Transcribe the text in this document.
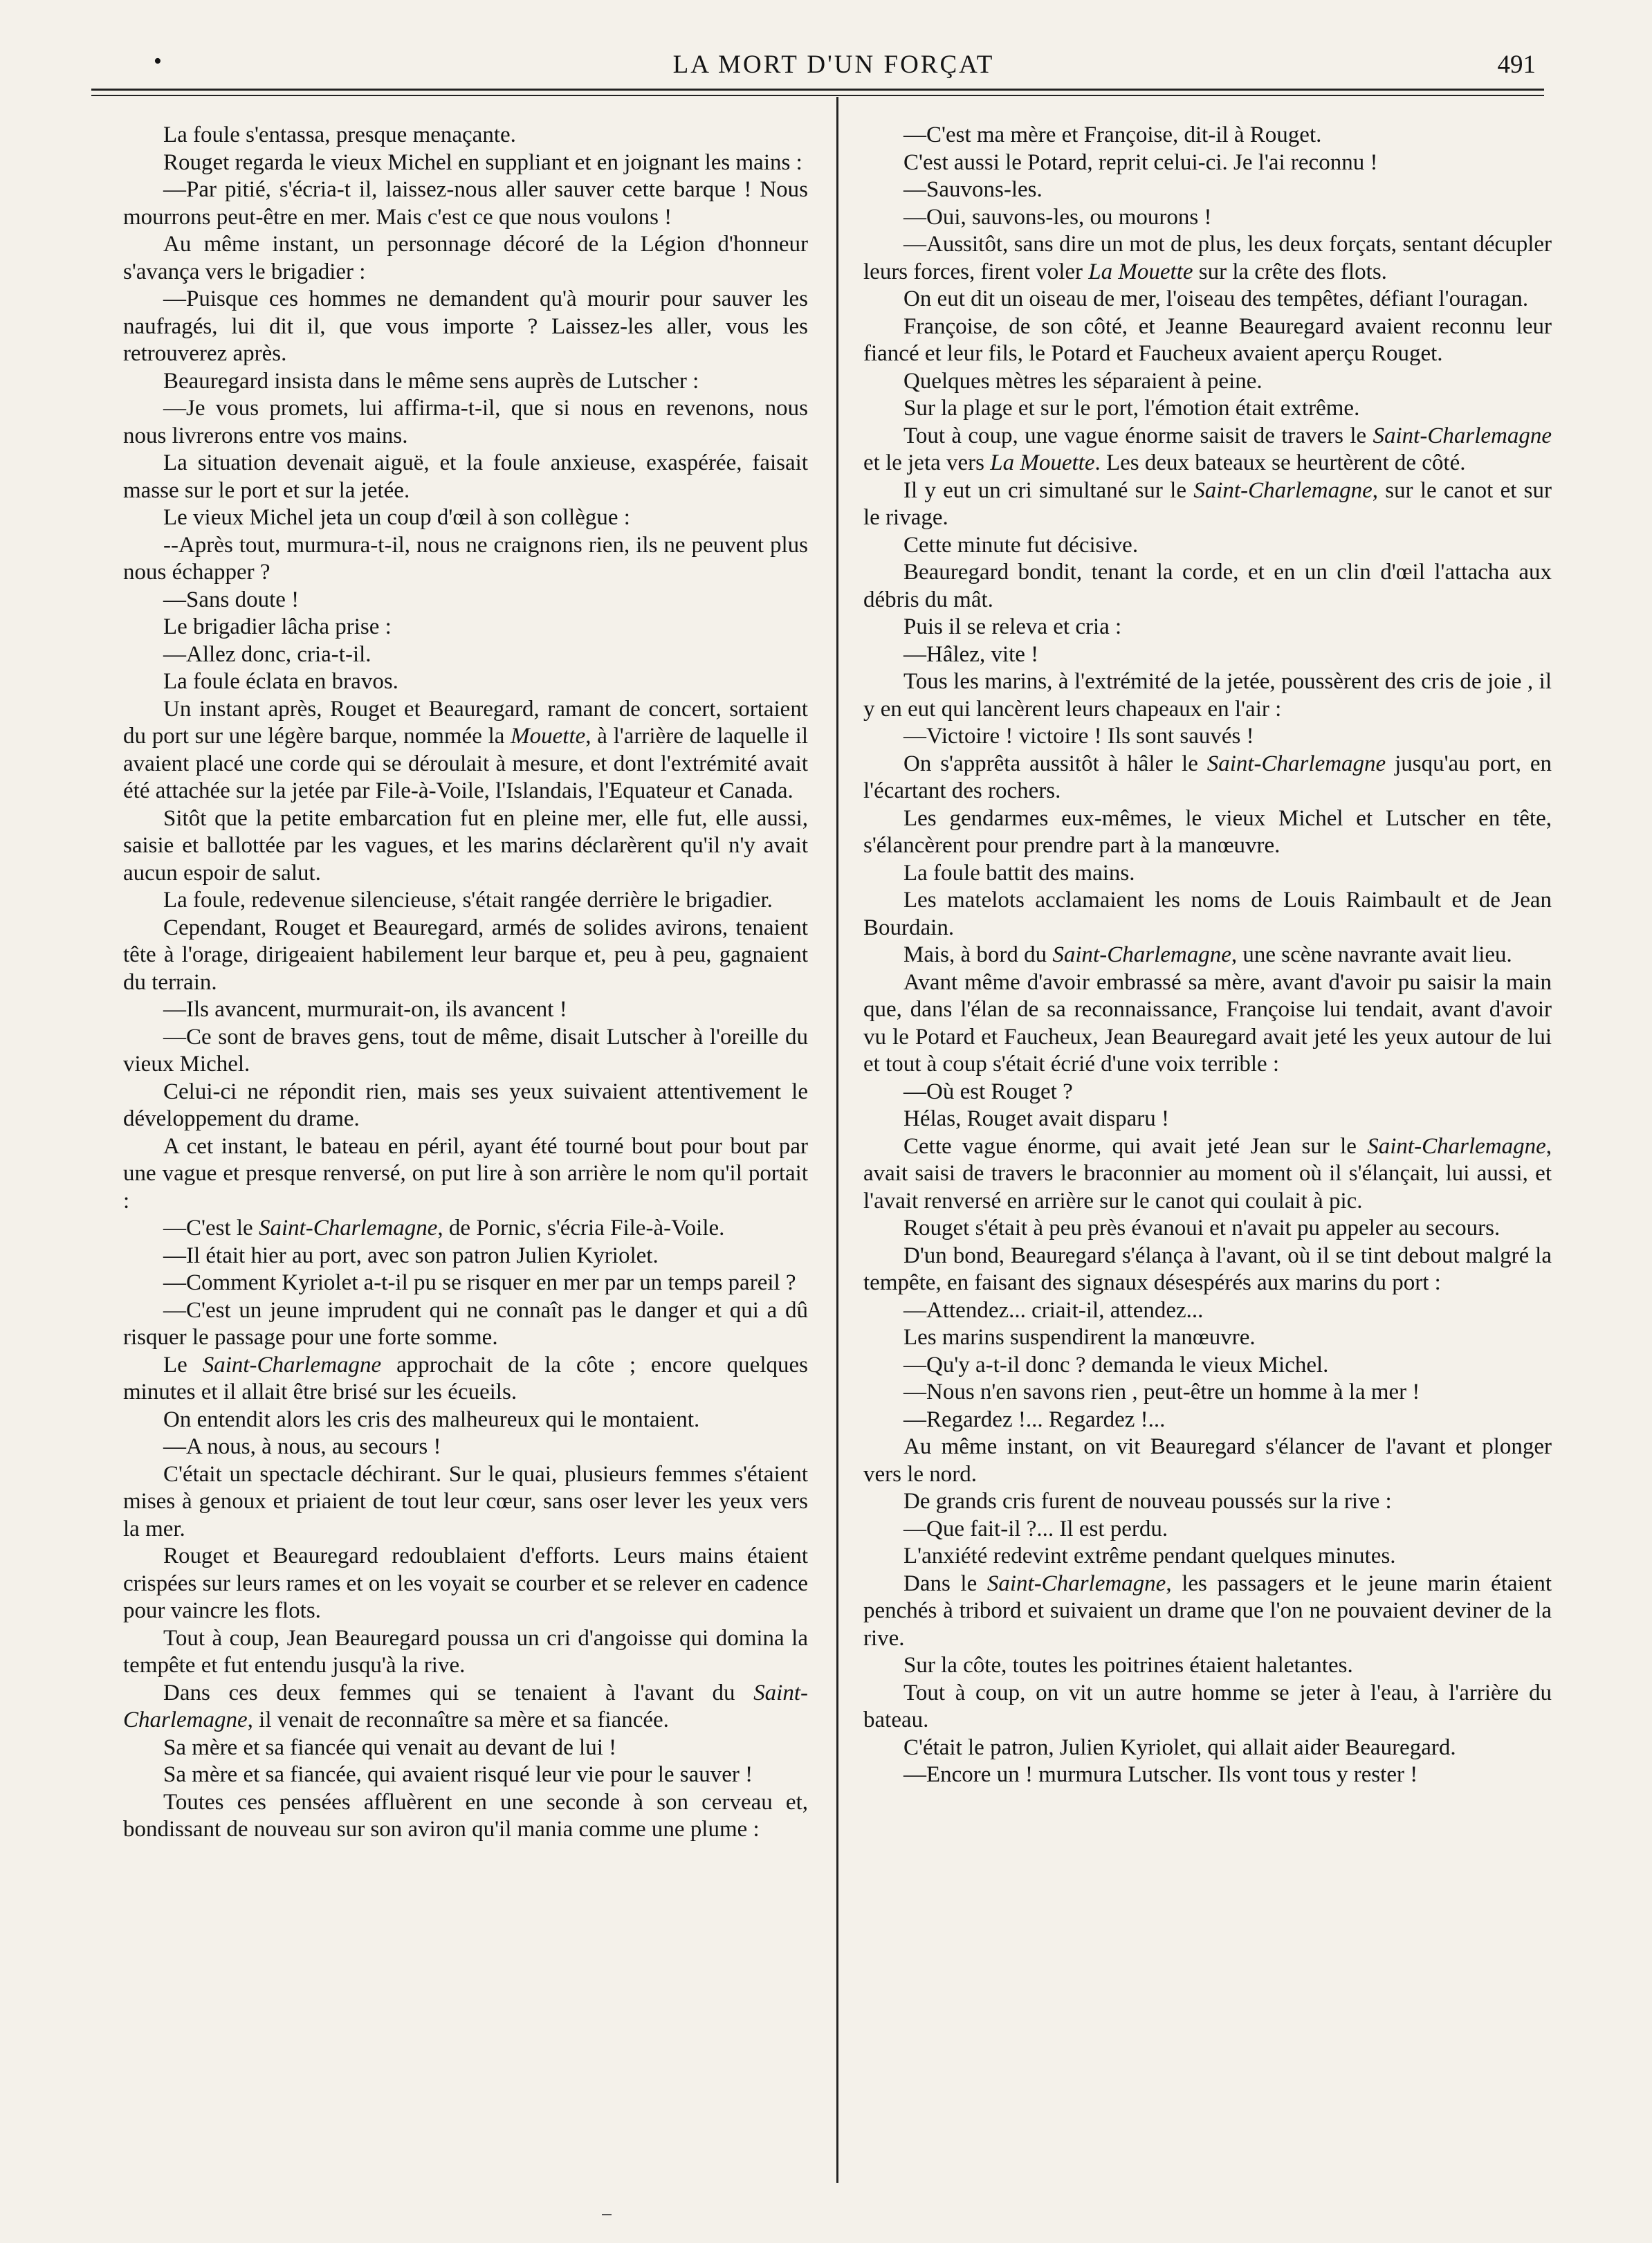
•	LA MORT D'UN FORÇAT	491

La foule s'entassa, presque menaçante.

Rouget regarda le vieux Michel en suppliant et en joignant les mains :

—Par pitié, s'écria-t il, laissez-nous aller sauver cette barque ! Nous mourrons peut-être en mer. Mais c'est ce que nous voulons !

Au même instant, un personnage décoré de la Légion d'honneur s'avança vers le brigadier :

—Puisque ces hommes ne demandent qu'à mourir pour sauver les naufragés, lui dit il, que vous importe ? Laissez-les aller, vous les retrouverez après.

Beauregard insista dans le même sens auprès de Lutscher :

—Je vous promets, lui affirma-t-il, que si nous en revenons, nous nous livrerons entre vos mains.

La situation devenait aiguë, et la foule anxieuse, exaspérée, faisait masse sur le port et sur la jetée.

Le vieux Michel jeta un coup d'œil à son collègue :

--Après tout, murmura-t-il, nous ne craignons rien, ils ne peuvent plus nous échapper ?

—Sans doute !

Le brigadier lâcha prise :

—Allez donc, cria-t-il.

La foule éclata en bravos.

Un instant après, Rouget et Beauregard, ramant de concert, sortaient du port sur une légère barque, nommée la Mouette, à l'arrière de laquelle il avaient placé une corde qui se déroulait à mesure, et dont l'extrémité avait été attachée sur la jetée par File-à-Voile, l'Islandais, l'Equateur et Canada.

Sitôt que la petite embarcation fut en pleine mer, elle fut, elle aussi, saisie et ballottée par les vagues, et les marins déclarèrent qu'il n'y avait aucun espoir de salut.

La foule, redevenue silencieuse, s'était rangée derrière le brigadier.

Cependant, Rouget et Beauregard, armés de solides avirons, tenaient tête à l'orage, dirigeaient habilement leur barque et, peu à peu, gagnaient du terrain.

—Ils avancent, murmurait-on, ils avancent !

—Ce sont de braves gens, tout de même, disait Lutscher à l'oreille du vieux Michel.

Celui-ci ne répondit rien, mais ses yeux suivaient attentivement le développement du drame.

A cet instant, le bateau en péril, ayant été tourné bout pour bout par une vague et presque renversé, on put lire à son arrière le nom qu'il portait :

—C'est le Saint-Charlemagne, de Pornic, s'écria File-à-Voile.

—Il était hier au port, avec son patron Julien Kyriolet.

—Comment Kyriolet a-t-il pu se risquer en mer par un temps pareil ?

—C'est un jeune imprudent qui ne connaît pas le danger et qui a dû risquer le passage pour une forte somme.

Le Saint-Charlemagne approchait de la côte ; encore quelques minutes et il allait être brisé sur les écueils.

On entendit alors les cris des malheureux qui le montaient.

—A nous, à nous, au secours !

C'était un spectacle déchirant. Sur le quai, plusieurs femmes s'étaient mises à genoux et priaient de tout leur cœur, sans oser lever les yeux vers la mer.

Rouget et Beauregard redoublaient d'efforts. Leurs mains étaient crispées sur leurs rames et on les voyait se courber et se relever en cadence pour vaincre les flots.

Tout à coup, Jean Beauregard poussa un cri d'angoisse qui domina la tempête et fut entendu jusqu'à la rive.

Dans ces deux femmes qui se tenaient à l'avant du Saint-Charlemagne, il venait de reconnaître sa mère et sa fiancée.

Sa mère et sa fiancée qui venait au devant de lui !

Sa mère et sa fiancée, qui avaient risqué leur vie pour le sauver !

Toutes ces pensées affluèrent en une seconde à son cerveau et, bondissant de nouveau sur son aviron qu'il mania comme une plume :

—C'est ma mère et Françoise, dit-il à Rouget.

C'est aussi le Potard, reprit celui-ci. Je l'ai reconnu !

—Sauvons-les.

—Oui, sauvons-les, ou mourons !

—Aussitôt, sans dire un mot de plus, les deux forçats, sentant décupler leurs forces, firent voler La Mouette sur la crête des flots.

On eut dit un oiseau de mer, l'oiseau des tempêtes, défiant l'ouragan.

Françoise, de son côté, et Jeanne Beauregard avaient reconnu leur fiancé et leur fils, le Potard et Faucheux avaient aperçu Rouget.

Quelques mètres les séparaient à peine.

Sur la plage et sur le port, l'émotion était extrême.

Tout à coup, une vague énorme saisit de travers le Saint-Charlemagne et le jeta vers La Mouette. Les deux bateaux se heurtèrent de côté.

Il y eut un cri simultané sur le Saint-Charlemagne, sur le canot et sur le rivage.

Cette minute fut décisive.

Beauregard bondit, tenant la corde, et en un clin d'œil l'attacha aux débris du mât.

Puis il se releva et cria :

—Hâlez, vite !

Tous les marins, à l'extrémité de la jetée, poussèrent des cris de joie , il y en eut qui lancèrent leurs chapeaux en l'air :

—Victoire ! victoire ! Ils sont sauvés !

On s'apprêta aussitôt à hâler le Saint-Charlemagne jusqu'au port, en l'écartant des rochers.

Les gendarmes eux-mêmes, le vieux Michel et Lutscher en tête, s'élancèrent pour prendre part à la manœuvre.

La foule battit des mains.

Les matelots acclamaient les noms de Louis Raimbault et de Jean Bourdain.

Mais, à bord du Saint-Charlemagne, une scène navrante avait lieu.

Avant même d'avoir embrassé sa mère, avant d'avoir pu saisir la main que, dans l'élan de sa reconnaissance, Françoise lui tendait, avant d'avoir vu le Potard et Faucheux, Jean Beauregard avait jeté les yeux autour de lui et tout à coup s'était écrié d'une voix terrible :

—Où est Rouget ?

Hélas, Rouget avait disparu !

Cette vague énorme, qui avait jeté Jean sur le Saint-Charlemagne, avait saisi de travers le braconnier au moment où il s'élançait, lui aussi, et l'avait renversé en arrière sur le canot qui coulait à pic.

Rouget s'était à peu près évanoui et n'avait pu appeler au secours.

D'un bond, Beauregard s'élança à l'avant, où il se tint debout malgré la tempête, en faisant des signaux désespérés aux marins du port :

—Attendez... criait-il, attendez...

Les marins suspendirent la manœuvre.

—Qu'y a-t-il donc ? demanda le vieux Michel.

—Nous n'en savons rien , peut-être un homme à la mer !

—Regardez !... Regardez !...

Au même instant, on vit Beauregard s'élancer de l'avant et plonger vers le nord.

De grands cris furent de nouveau poussés sur la rive :

—Que fait-il ?... Il est perdu.

L'anxiété redevint extrême pendant quelques minutes.

Dans le Saint-Charlemagne, les passagers et le jeune marin étaient penchés à tribord et suivaient un drame que l'on ne pouvaient deviner de la rive.

Sur la côte, toutes les poitrines étaient haletantes.

Tout à coup, on vit un autre homme se jeter à l'eau, à l'arrière du bateau.

C'était le patron, Julien Kyriolet, qui allait aider Beauregard.

—Encore un ! murmura Lutscher. Ils vont tous y rester !
